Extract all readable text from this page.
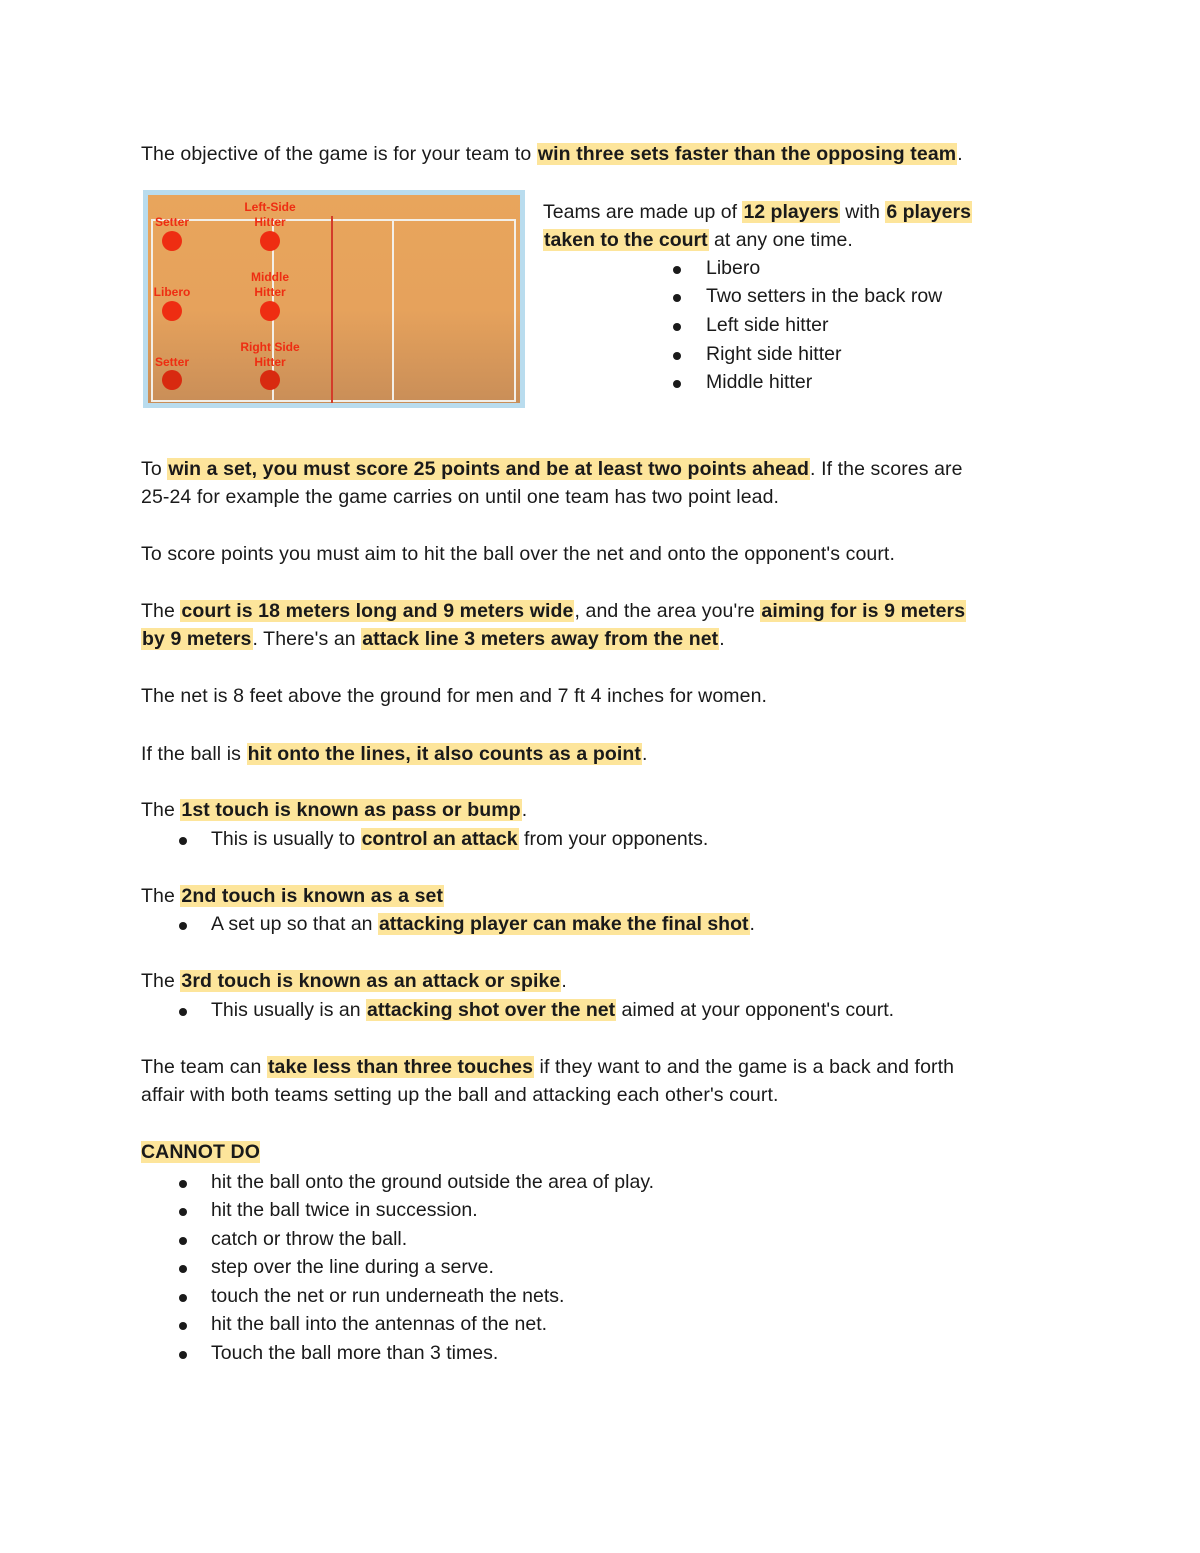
The objective of the game is for your team to win three sets faster than the opposing team.
Setter
Left-Side
Hitter
Libero
Middle
Hitter
Setter
Right Side
Hitter
Teams are made up of 12 players with 6 players
taken to the court at any one time.
Libero
Two setters in the back row
Left side hitter
Right side hitter
Middle hitter
To win a set, you must score 25 points and be at least two points ahead. If the scores are
25-24 for example the game carries on until one team has two point lead.
To score points you must aim to hit the ball over the net and onto the opponent's court.
The court is 18 meters long and 9 meters wide, and the area you're aiming for is 9 meters
by 9 meters. There's an attack line 3 meters away from the net.
The net is 8 feet above the ground for men and 7 ft 4 inches for women.
If the ball is hit onto the lines, it also counts as a point.
The 1st touch is known as pass or bump.
This is usually to control an attack from your opponents.
The 2nd touch is known as a set
A set up so that an attacking player can make the final shot.
The 3rd touch is known as an attack or spike.
This usually is an attacking shot over the net aimed at your opponent's court.
The team can take less than three touches if they want to and the game is a back and forth
affair with both teams setting up the ball and attacking each other's court.
CANNOT DO
hit the ball onto the ground outside the area of play.
hit the ball twice in succession.
catch or throw the ball.
step over the line during a serve.
touch the net or run underneath the nets.
hit the ball into the antennas of the net.
Touch the ball more than 3 times.
